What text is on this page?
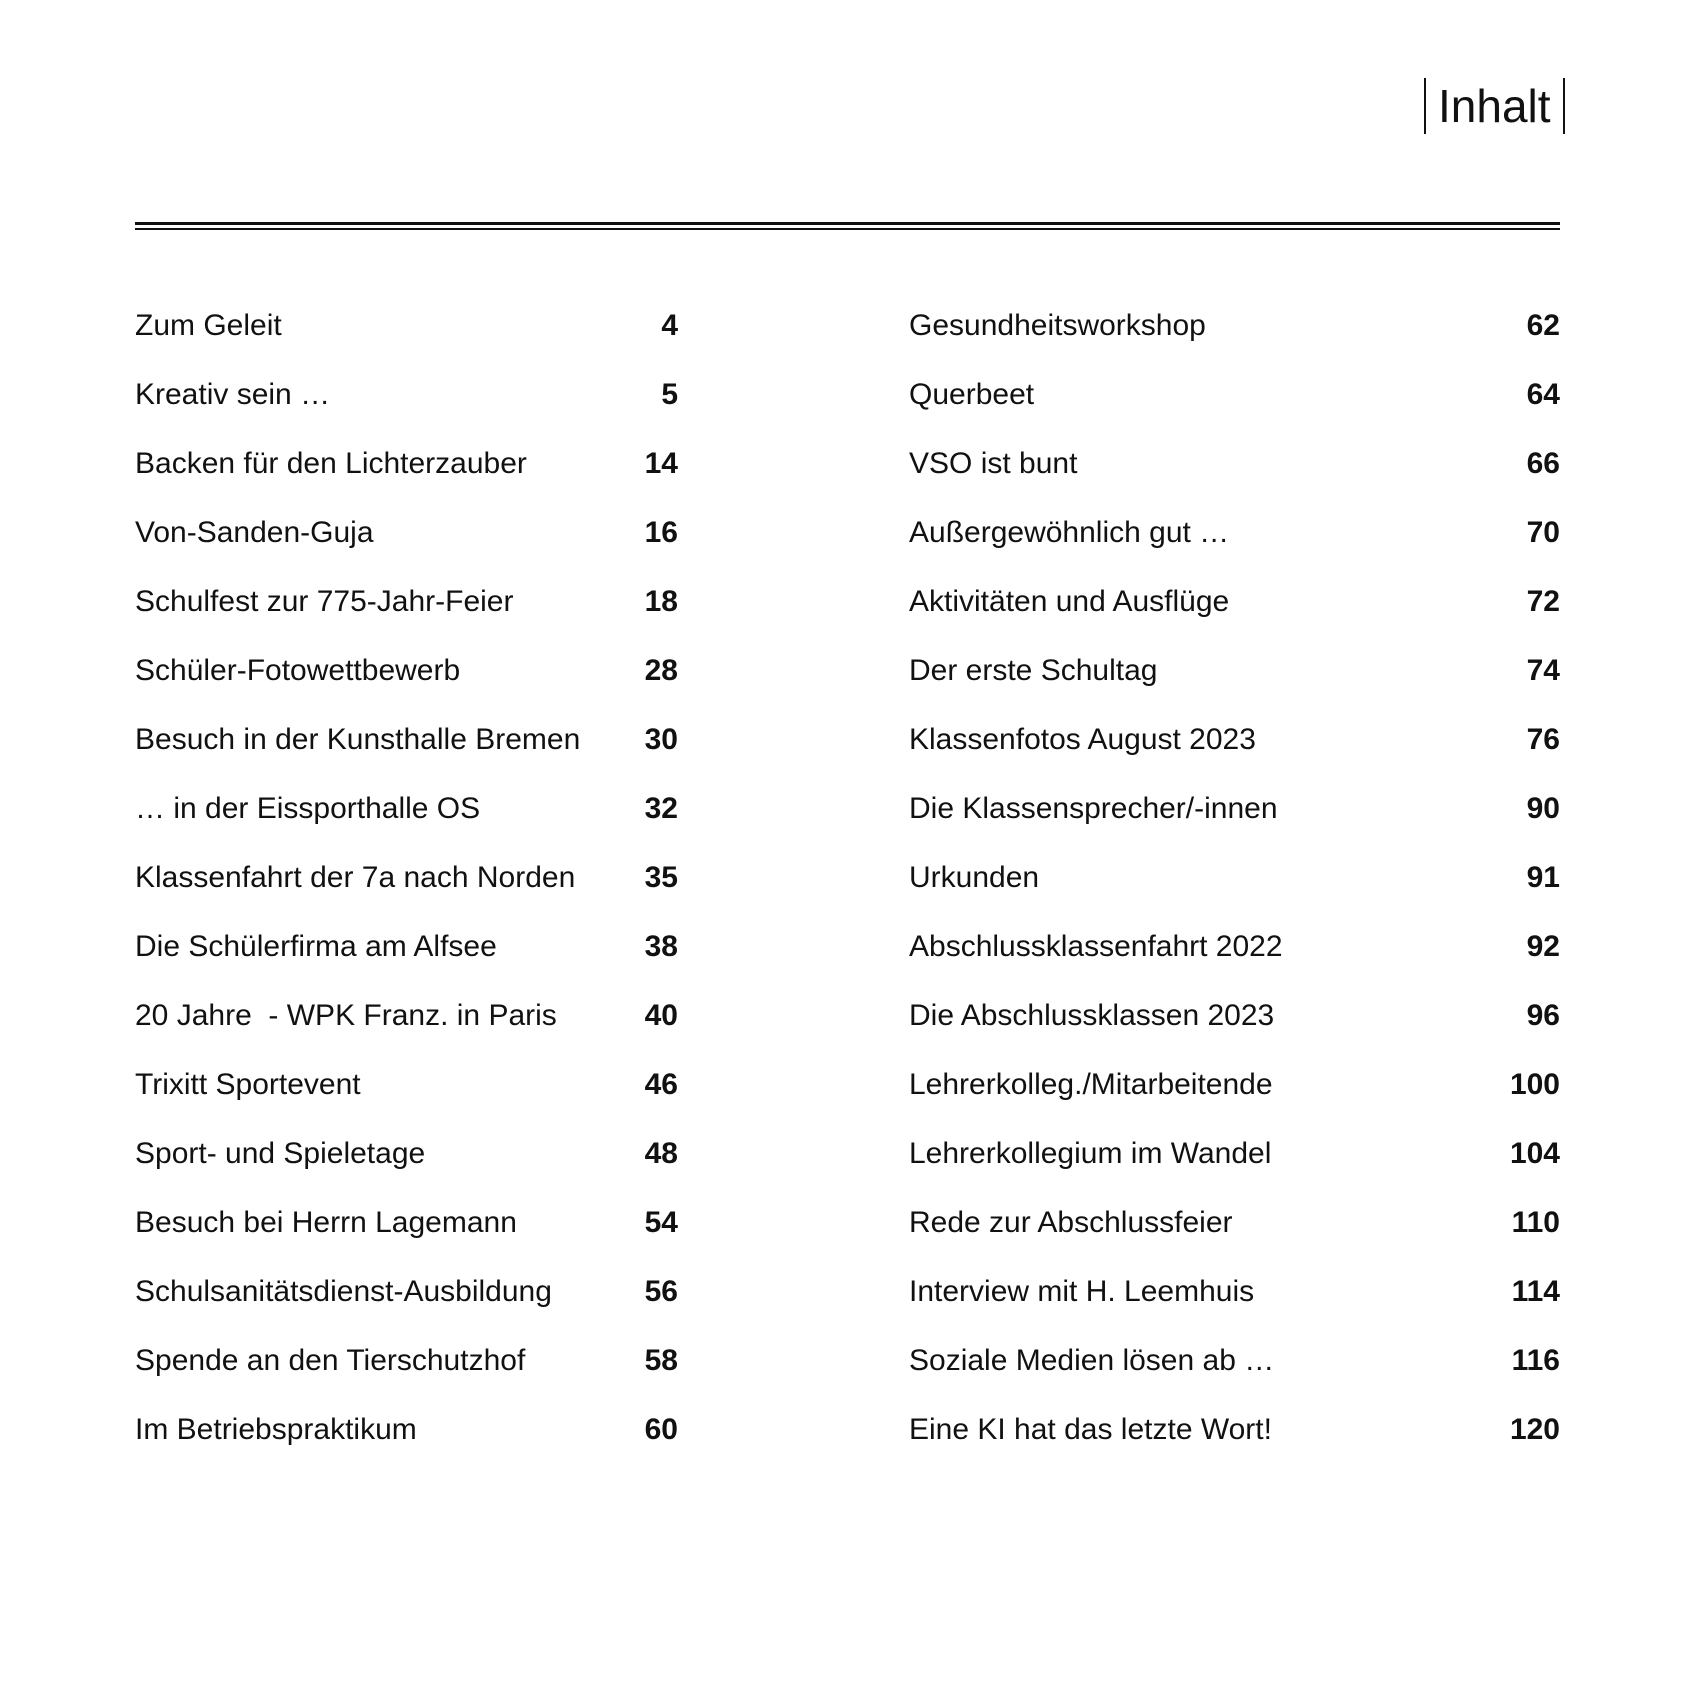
Inhalt
Zum Geleit	4
Kreativ sein …	5
Backen für den Lichterzauber	14
Von-Sanden-Guja	16
Schulfest zur 775-Jahr-Feier	18
Schüler-Fotowettbewerb	28
Besuch in der Kunsthalle Bremen 30
… in der Eissporthalle OS	32
Klassenfahrt der 7a nach Norden 35
Die Schülerfirma am Alfsee	38
20 Jahre  - WPK Franz. in Paris	40
Trixitt Sportevent	46
Sport- und Spieletage	48
Besuch bei Herrn Lagemann	54
Schulsanitätsdienst-Ausbildung	56
Spende an den Tierschutzhof	58
Im Betriebspraktikum	60
Gesundheitsworkshop	62
Querbeet	64
VSO ist bunt	66
Außergewöhnlich gut …	70
Aktivitäten und Ausflüge	72
Der erste Schultag	74
Klassenfotos August 2023	76
Die Klassensprecher/-innen	90
Urkunden	91
Abschlussklassenfahrt 2022	92
Die Abschlussklassen 2023	96
Lehrerkolleg./Mitarbeitende	100
Lehrerkollegium im Wandel	104
Rede zur Abschlussfeier	110
Interview mit H. Leemhuis	114
Soziale Medien lösen ab …	116
Eine KI hat das letzte Wort!	120
